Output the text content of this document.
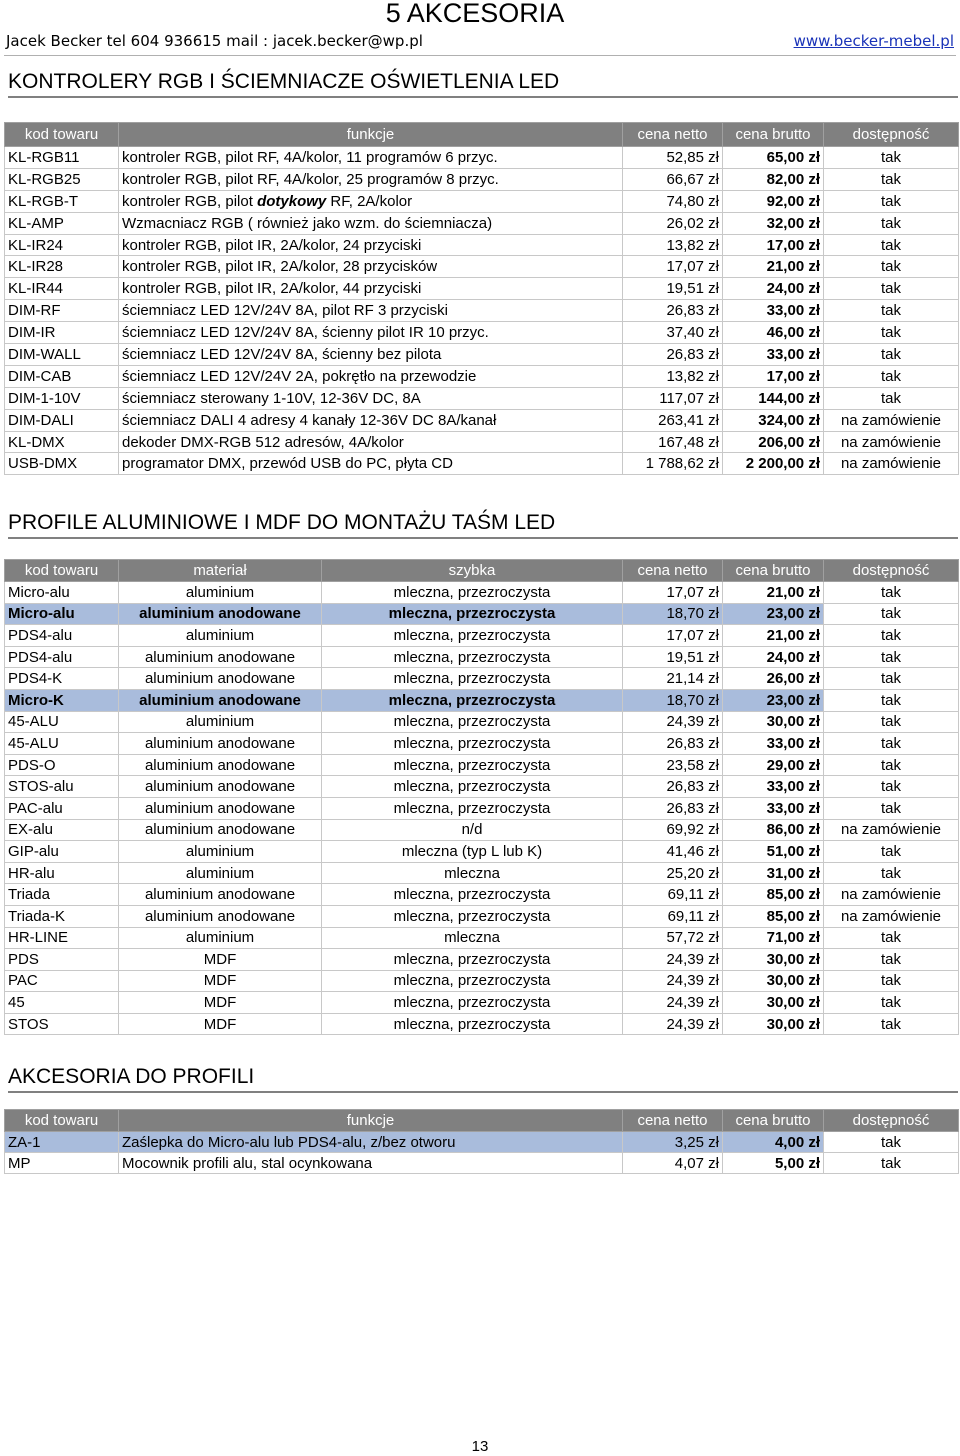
5 AKCESORIA
Jacek Becker tel 604 936615 mail : jacek.becker@wp.pl	www.becker-mebel.pl
KONTROLERY RGB I ŚCIEMNIACZE OŚWIETLENIA LED
kod towaru	funkcje	cena netto	cena brutto	dostępność
KL-RGB11	kontroler RGB, pilot RF, 4A/kolor, 11 programów 6 przyc.	52,85 zł	65,00 zł	tak
KL-RGB25	kontroler RGB, pilot RF, 4A/kolor, 25 programów 8 przyc.	66,67 zł	82,00 zł	tak
KL-RGB-T	kontroler RGB, pilot dotykowy RF, 2A/kolor	74,80 zł	92,00 zł	tak
KL-AMP	Wzmacniacz RGB ( również jako wzm. do ściemniacza)	26,02 zł	32,00 zł	tak
KL-IR24	kontroler RGB, pilot IR, 2A/kolor, 24 przyciski	13,82 zł	17,00 zł	tak
KL-IR28	kontroler RGB, pilot IR, 2A/kolor, 28 przycisków	17,07 zł	21,00 zł	tak
KL-IR44	kontroler RGB, pilot IR, 2A/kolor, 44 przyciski	19,51 zł	24,00 zł	tak
DIM-RF	ściemniacz LED 12V/24V 8A, pilot RF 3 przyciski	26,83 zł	33,00 zł	tak
DIM-IR	ściemniacz LED 12V/24V 8A, ścienny pilot IR 10 przyc.	37,40 zł	46,00 zł	tak
DIM-WALL	ściemniacz LED 12V/24V 8A, ścienny bez pilota	26,83 zł	33,00 zł	tak
DIM-CAB	ściemniacz LED 12V/24V 2A, pokrętło na przewodzie	13,82 zł	17,00 zł	tak
DIM-1-10V	ściemniacz sterowany 1-10V, 12-36V DC, 8A	117,07 zł	144,00 zł	tak
DIM-DALI	ściemniacz DALI 4 adresy 4 kanały 12-36V DC 8A/kanał	263,41 zł	324,00 zł	na zamówienie
KL-DMX	dekoder DMX-RGB 512 adresów, 4A/kolor	167,48 zł	206,00 zł	na zamówienie
USB-DMX	programator DMX, przewód USB do PC, płyta CD	1 788,62 zł	2 200,00 zł	na zamówienie
PROFILE ALUMINIOWE I MDF DO MONTAŻU TAŚM LED
kod towaru	materiał	szybka	cena netto	cena brutto	dostępność
Micro-alu	aluminium	mleczna, przezroczysta	17,07 zł	21,00 zł	tak
Micro-alu	aluminium anodowane	mleczna, przezroczysta	18,70 zł	23,00 zł	tak
PDS4-alu	aluminium	mleczna, przezroczysta	17,07 zł	21,00 zł	tak
PDS4-alu	aluminium anodowane	mleczna, przezroczysta	19,51 zł	24,00 zł	tak
PDS4-K	aluminium anodowane	mleczna, przezroczysta	21,14 zł	26,00 zł	tak
Micro-K	aluminium anodowane	mleczna, przezroczysta	18,70 zł	23,00 zł	tak
45-ALU	aluminium	mleczna, przezroczysta	24,39 zł	30,00 zł	tak
45-ALU	aluminium anodowane	mleczna, przezroczysta	26,83 zł	33,00 zł	tak
PDS-O	aluminium anodowane	mleczna, przezroczysta	23,58 zł	29,00 zł	tak
STOS-alu	aluminium anodowane	mleczna, przezroczysta	26,83 zł	33,00 zł	tak
PAC-alu	aluminium anodowane	mleczna, przezroczysta	26,83 zł	33,00 zł	tak
EX-alu	aluminium anodowane	n/d	69,92 zł	86,00 zł	na zamówienie
GIP-alu	aluminium	mleczna (typ L lub K)	41,46 zł	51,00 zł	tak
HR-alu	aluminium	mleczna	25,20 zł	31,00 zł	tak
Triada	aluminium anodowane	mleczna, przezroczysta	69,11 zł	85,00 zł	na zamówienie
Triada-K	aluminium anodowane	mleczna, przezroczysta	69,11 zł	85,00 zł	na zamówienie
HR-LINE	aluminium	mleczna	57,72 zł	71,00 zł	tak
PDS	MDF	mleczna, przezroczysta	24,39 zł	30,00 zł	tak
PAC	MDF	mleczna, przezroczysta	24,39 zł	30,00 zł	tak
45	MDF	mleczna, przezroczysta	24,39 zł	30,00 zł	tak
STOS	MDF	mleczna, przezroczysta	24,39 zł	30,00 zł	tak
AKCESORIA DO PROFILI
kod towaru	funkcje	cena netto	cena brutto	dostępność
ZA-1	Zaślepka do Micro-alu lub PDS4-alu, z/bez otworu	3,25 zł	4,00 zł	tak
MP	Mocownik profili alu, stal ocynkowana	4,07 zł	5,00 zł	tak
13
